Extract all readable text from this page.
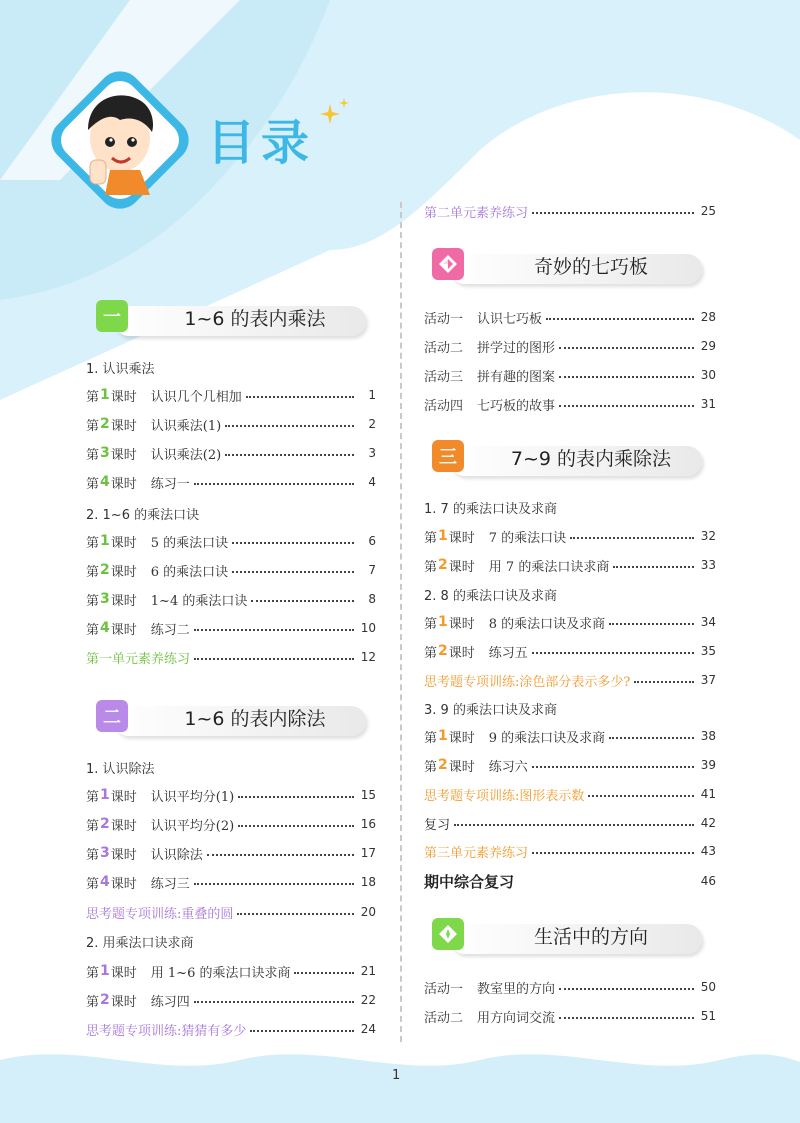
目录
一	1~6 的表内乘法
1. 认识乘法
第 1 课时 认识几个几相加	1
第 2 课时 认识乘法(1)	2
第 3 课时 认识乘法(2)	3
第 4 课时 练习一	4
2. 1~6 的乘法口诀
第 1 课时 5 的乘法口诀	6
第 2 课时 6 的乘法口诀	7
第 3 课时 1~4 的乘法口诀	8
第 4 课时 练习二	10
第一单元素养练习	12
二	1~6 的表内除法
1. 认识除法
第 1 课时 认识平均分(1)	15
第 2 课时 认识平均分(2)	16
第 3 课时 认识除法	17
第 4 课时 练习三	18
思考题专项训练:重叠的圆	20
2. 用乘法口诀求商
第 1 课时 用 1~6 的乘法口诀求商	21
第 2 课时 练习四	22
思考题专项训练:猜猜有多少	24
第二单元素养练习	25
奇妙的七巧板
活动一 认识七巧板	28
活动二 拼学过的图形	29
活动三 拼有趣的图案	30
活动四 七巧板的故事	31
三	7~9 的表内乘除法
1. 7 的乘法口诀及求商
第 1 课时 7 的乘法口诀	32
第 2 课时 用 7 的乘法口诀求商	33
2. 8 的乘法口诀及求商
第 1 课时 8 的乘法口诀及求商	34
第 2 课时 练习五	35
思考题专项训练:涂色部分表示多少?	37
3. 9 的乘法口诀及求商
第 1 课时 9 的乘法口诀及求商	38
第 2 课时 练习六	39
思考题专项训练:图形表示数	41
复习	42
第三单元素养练习	43
期中综合复习	46
生活中的方向
活动一 教室里的方向	50
活动二 用方向词交流	51
1
